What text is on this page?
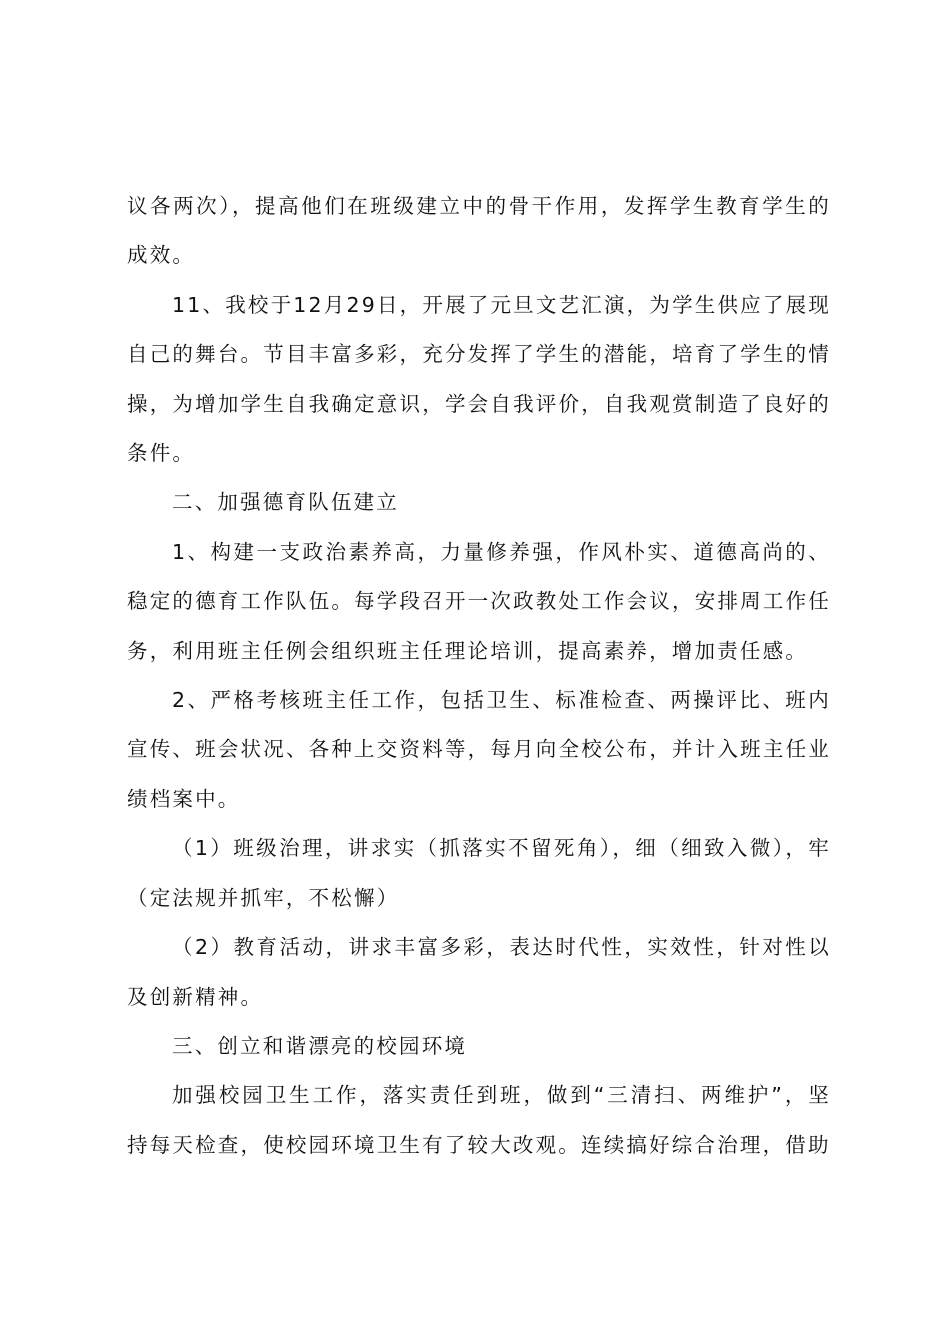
议各两次），提高他们在班级建立中的骨干作用，发挥学生教育学生的成效。

11、我校于12月29日，开展了元旦文艺汇演，为学生供应了展现自己的舞台。节目丰富多彩，充分发挥了学生的潜能，培育了学生的情操，为增加学生自我确定意识，学会自我评价，自我观赏制造了良好的条件。

二、加强德育队伍建立

1、构建一支政治素养高，力量修养强，作风朴实、道德高尚的、稳定的德育工作队伍。每学段召开一次政教处工作会议，安排周工作任务，利用班主任例会组织班主任理论培训，提高素养，增加责任感。

2、严格考核班主任工作，包括卫生、标准检查、两操评比、班内宣传、班会状况、各种上交资料等，每月向全校公布，并计入班主任业绩档案中。

（1）班级治理，讲求实（抓落实不留死角），细（细致入微），牢（定法规并抓牢，不松懈）

（2）教育活动，讲求丰富多彩，表达时代性，实效性，针对性以及创新精神。

三、创立和谐漂亮的校园环境

加强校园卫生工作，落实责任到班，做到“三清扫、两维护”，坚持每天检查，使校园环境卫生有了较大改观。连续搞好综合治理，借助
